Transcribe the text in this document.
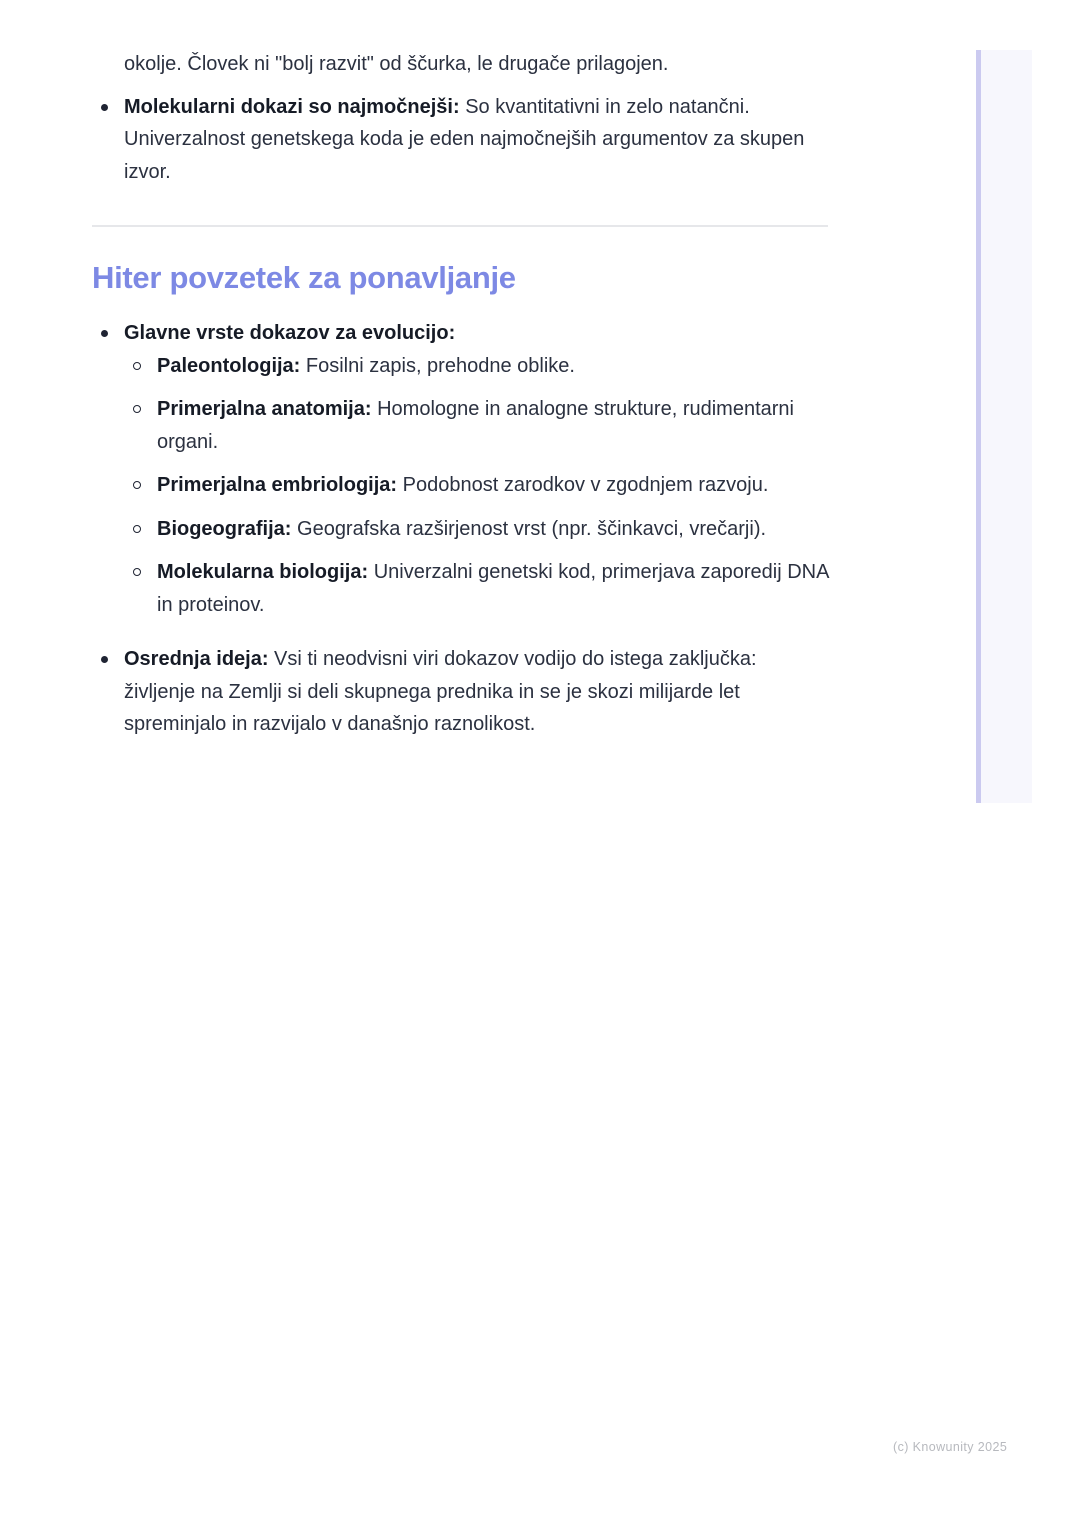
okolje. Človek ni "bolj razvit" od ščurka, le drugače prilagojen.

Molekularni dokazi so najmočnejši: So kvantitativni in zelo natančni. Univerzalnost genetskega koda je eden najmočnejših argumentov za skupen izvor.
Hiter povzetek za ponavljanje
Glavne vrste dokazov za evolucijo:
Paleontologija: Fosilni zapis, prehodne oblike.
Primerjalna anatomija: Homologne in analogne strukture, rudimentarni organi.
Primerjalna embriologija: Podobnost zarodkov v zgodnjem razvoju.
Biogeografija: Geografska razširjenost vrst (npr. ščinkavci, vrečarji).
Molekularna biologija: Univerzalni genetski kod, primerjava zaporedij DNA in proteinov.
Osrednja ideja: Vsi ti neodvisni viri dokazov vodijo do istega zaključka: življenje na Zemlji si deli skupnega prednika in se je skozi milijarde let spreminjalo in razvijalo v današnjo raznolikost.
(c) Knowunity 2025
